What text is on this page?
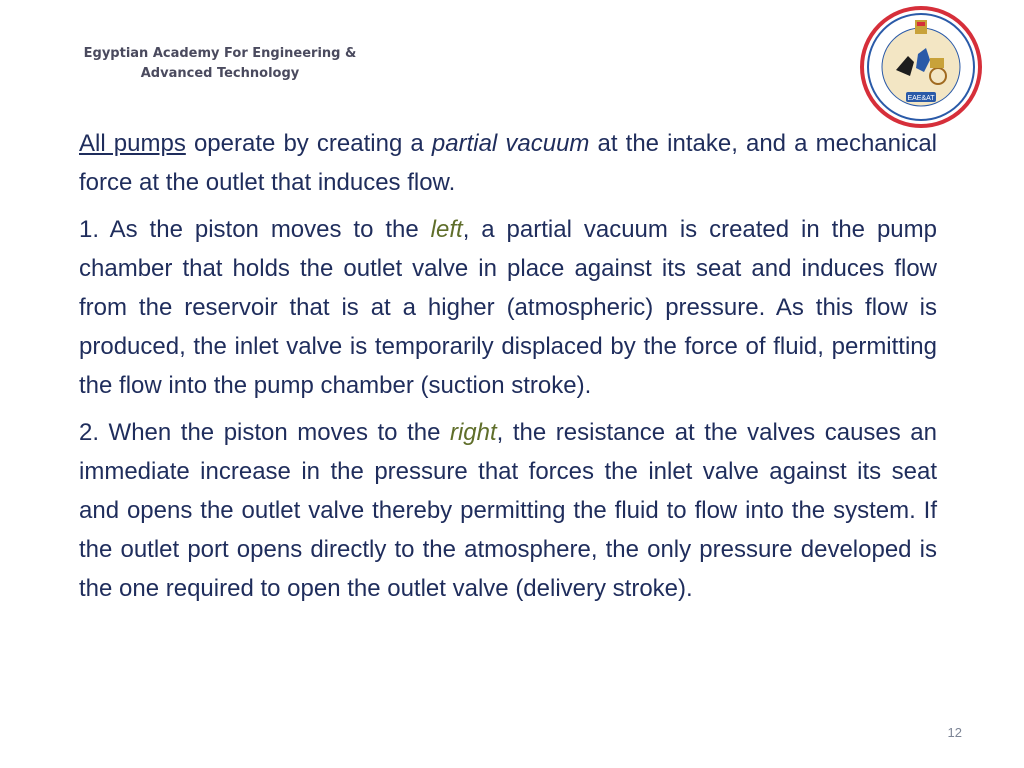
Egyptian Academy For Engineering &
Advanced Technology
EAE&AT

All pumps operate by creating a partial vacuum at the intake, and a mechanical force at the outlet that induces flow.

1. As the piston moves to the left, a partial vacuum is created in the pump chamber that holds the outlet valve in place against its seat and induces flow from the reservoir that is at a higher (atmospheric) pressure. As this flow is produced, the inlet valve is temporarily displaced by the force of fluid, permitting the flow into the pump chamber (suction stroke).

2. When the piston moves to the right, the resistance at the valves causes an immediate increase in the pressure that forces the inlet valve against its seat and opens the outlet valve thereby permitting the fluid to flow into the system. If the outlet port opens directly to the atmosphere, the only pressure developed is the one required to open the outlet valve (delivery stroke).

12
